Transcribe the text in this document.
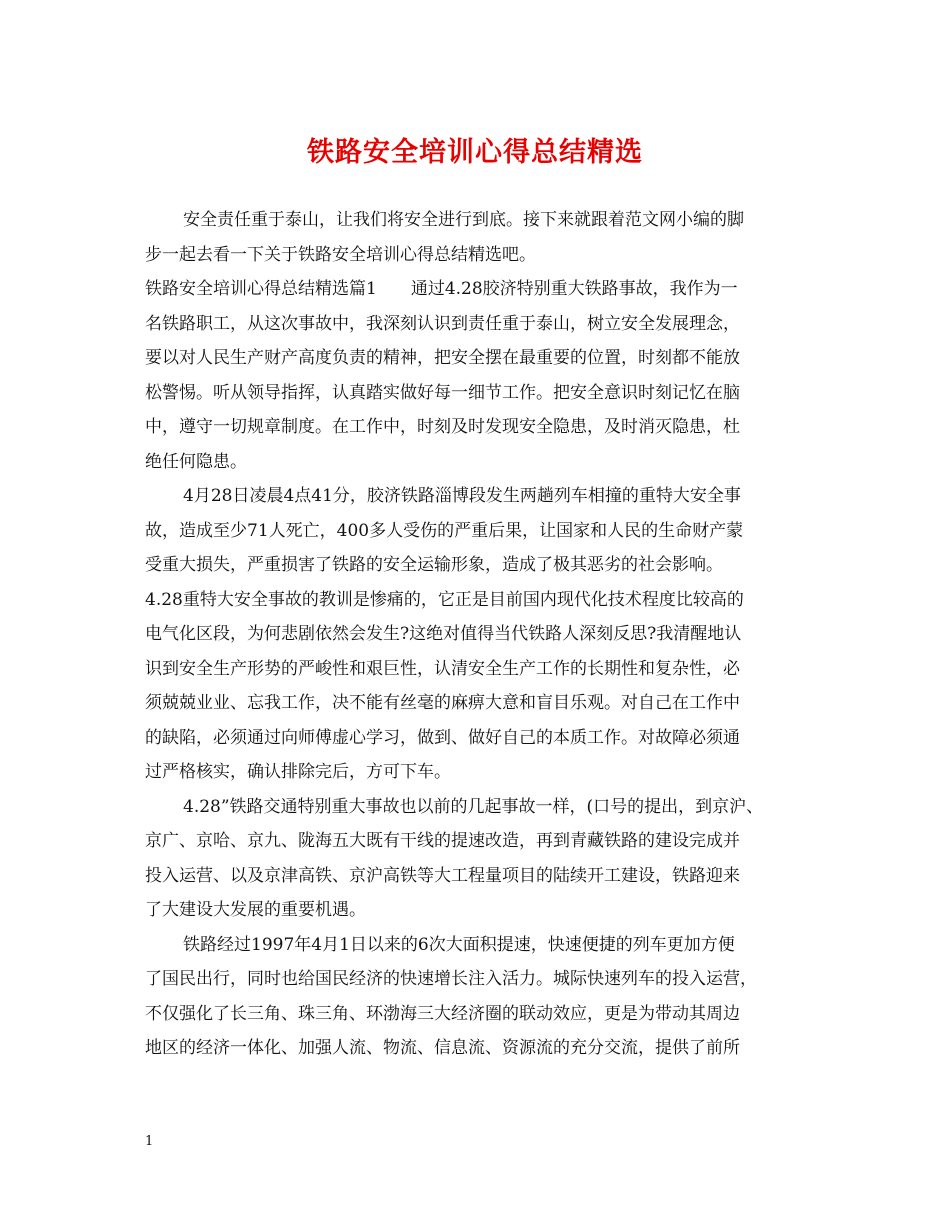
铁路安全培训心得总结精选
安全责任重于泰山，让我们将安全进行到底。接下来就跟着范文网小编的脚
步一起去看一下关于铁路安全培训心得总结精选吧。
铁路安全培训心得总结精选篇1　　通过4.28胶济特别重大铁路事故，我作为一
名铁路职工，从这次事故中，我深刻认识到责任重于泰山，树立安全发展理念，
要以对人民生产财产高度负责的精神，把安全摆在最重要的位置，时刻都不能放
松警惕。听从领导指挥，认真踏实做好每一细节工作。把安全意识时刻记忆在脑
中，遵守一切规章制度。在工作中，时刻及时发现安全隐患，及时消灭隐患，杜
绝任何隐患。
4月28日凌晨4点41分，胶济铁路淄博段发生两趟列车相撞的重特大安全事
故，造成至少71人死亡，400多人受伤的严重后果，让国家和人民的生命财产蒙
受重大损失，严重损害了铁路的安全运输形象，造成了极其恶劣的社会影响。
4.28重特大安全事故的教训是惨痛的，它正是目前国内现代化技术程度比较高的
电气化区段，为何悲剧依然会发生?这绝对值得当代铁路人深刻反思?我清醒地认
识到安全生产形势的严峻性和艰巨性，认清安全生产工作的长期性和复杂性，必
须兢兢业业、忘我工作，决不能有丝毫的麻痹大意和盲目乐观。对自己在工作中
的缺陷，必须通过向师傅虚心学习，做到、做好自己的本质工作。对故障必须通
过严格核实，确认排除完后，方可下车。
4.28”铁路交通特别重大事故也以前的几起事故一样，(口号的提出，到京沪、
京广、京哈、京九、陇海五大既有干线的提速改造，再到青藏铁路的建设完成并
投入运营、以及京津高铁、京沪高铁等大工程量项目的陆续开工建设，铁路迎来
了大建设大发展的重要机遇。
铁路经过1997年4月1日以来的6次大面积提速，快速便捷的列车更加方便
了国民出行，同时也给国民经济的快速增长注入活力。城际快速列车的投入运营，
不仅强化了长三角、珠三角、环渤海三大经济圈的联动效应，更是为带动其周边
地区的经济一体化、加强人流、物流、信息流、资源流的充分交流，提供了前所
1
